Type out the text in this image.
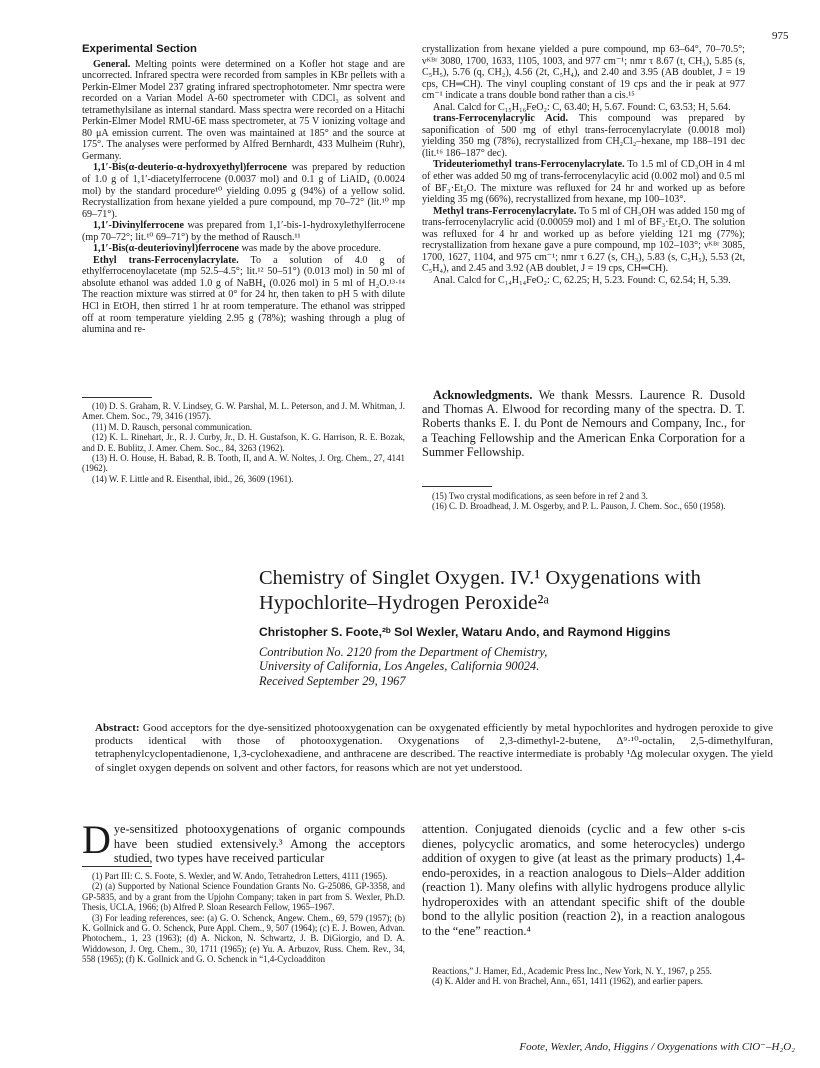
975

Experimental Section

General. Melting points were determined on a Kofler hot stage and are uncorrected. Infrared spectra were recorded from samples in KBr pellets with a Perkin-Elmer Model 237 grating infrared spectrophotometer. Nmr spectra were recorded on a Varian Model A-60 spectrometer with CDCl₃ as solvent and tetramethylsilane as internal standard. Mass spectra were recorded on a Hitachi Perkin-Elmer Model RMU-6E mass spectrometer, at 75 V ionizing voltage and 80 μA emission current. The oven was maintained at 185° and the source at 175°. The analyses were performed by Alfred Bernhardt, 433 Mulheim (Ruhr), Germany.

1,1′-Bis(α-deuterio-α-hydroxyethyl)ferrocene was prepared by reduction of 1.0 g of 1,1′-diacetylferrocene (0.0037 mol) and 0.1 g of LiAlD₄ (0.0024 mol) by the standard procedure¹⁰ yielding 0.095 g (94%) of a yellow solid. Recrystallization from hexane yielded a pure compound, mp 70–72° (lit.¹⁰ mp 69–71°).

1,1′-Divinylferrocene was prepared from 1,1′-bis-1-hydroxylethylferrocene (mp 70–72°; lit.¹⁰ 69–71°) by the method of Rausch.¹¹

1,1′-Bis(α-deuteriovinyl)ferrocene was made by the above procedure.

Ethyl trans-Ferrocenylacrylate. To a solution of 4.0 g of ethylferrocenoylacetate (mp 52.5–4.5°; lit.¹² 50–51°) (0.013 mol) in 50 ml of absolute ethanol was added 1.0 g of NaBH₄ (0.026 mol) in 5 ml of H₂O.¹³·¹⁴ The reaction mixture was stirred at 0° for 24 hr, then taken to pH 5 with dilute HCl in EtOH, then stirred 1 hr at room temperature. The ethanol was stripped off at room temperature yielding 2.95 g (78%); washing through a plug of alumina and re-

(10) D. S. Graham, R. V. Lindsey, G. W. Parshal, M. L. Peterson, and J. M. Whitman, J. Amer. Chem. Soc., 79, 3416 (1957).

(11) M. D. Rausch, personal communication.

(12) K. L. Rinehart, Jr., R. J. Curby, Jr., D. H. Gustafson, K. G. Harrison, R. E. Bozak, and D. E. Bublitz, J. Amer. Chem. Soc., 84, 3263 (1962).

(13) H. O. House, H. Babad, R. B. Tooth, II, and A. W. Noltes, J. Org. Chem., 27, 4141 (1962).

(14) W. F. Little and R. Eisenthal, ibid., 26, 3609 (1961).

crystallization from hexane yielded a pure compound, mp 63–64°, 70–70.5°; νᴷᴮʳ 3080, 1700, 1633, 1105, 1003, and 977 cm⁻¹; nmr τ 8.67 (t, CH₃), 5.85 (s, C₅H₅), 5.76 (q, CH₂), 4.56 (2t, C₅H₄), and 2.40 and 3.95 (AB doublet, J = 19 cps, CH═CH). The vinyl coupling constant of 19 cps and the ir peak at 977 cm⁻¹ indicate a trans double bond rather than a cis.¹⁵

Anal. Calcd for C₁₅H₁₆FeO₂: C, 63.40; H, 5.67. Found: C, 63.53; H, 5.64.

trans-Ferrocenylacrylic Acid. This compound was prepared by saponification of 500 mg of ethyl trans-ferrocenylacrylate (0.0018 mol) yielding 350 mg (78%), recrystallized from CH₂Cl₂–hexane, mp 188–191 dec (lit.¹⁶ 186–187° dec).

Trideuteriomethyl trans-Ferrocenylacrylate. To 1.5 ml of CD₃OH in 4 ml of ether was added 50 mg of trans-ferrocenylacylic acid (0.002 mol) and 0.5 ml of BF₃·Et₂O. The mixture was refluxed for 24 hr and worked up as before yielding 35 mg (66%), recrystallized from hexane, mp 100–103°.

Methyl trans-Ferrocenylacrylate. To 5 ml of CH₃OH was added 150 mg of trans-ferrocenylacrylic acid (0.00059 mol) and 1 ml of BF₃·Et₂O. The solution was refluxed for 4 hr and worked up as before yielding 121 mg (77%); recrystallization from hexane gave a pure compound, mp 102–103°; νᴷᴮʳ 3085, 1700, 1627, 1104, and 975 cm⁻¹; nmr τ 6.27 (s, CH₃), 5.83 (s, C₅H₅), 5.53 (2t, C₅H₄), and 2.45 and 3.92 (AB doublet, J = 19 cps, CH═CH).

Anal. Calcd for C₁₄H₁₄FeO₂: C, 62.25; H, 5.23. Found: C, 62.54; H, 5.39.

Acknowledgments. We thank Messrs. Laurence R. Dusold and Thomas A. Elwood for recording many of the spectra. D. T. Roberts thanks E. I. du Pont de Nemours and Company, Inc., for a Teaching Fellowship and the American Enka Corporation for a Summer Fellowship.

(15) Two crystal modifications, as seen before in ref 2 and 3.

(16) C. D. Broadhead, J. M. Osgerby, and P. L. Pauson, J. Chem. Soc., 650 (1958).

Chemistry of Singlet Oxygen. IV.¹ Oxygenations with
Hypochlorite–Hydrogen Peroxide²ᵃ
Christopher S. Foote,²ᵇ Sol Wexler, Wataru Ando, and Raymond Higgins
Contribution No. 2120 from the Department of Chemistry,
University of California, Los Angeles, California 90024.
Received September 29, 1967
Abstract: Good acceptors for the dye-sensitized photooxygenation can be oxygenated efficiently by metal hypochlorites and hydrogen peroxide to give products identical with those of photooxygenation. Oxygenations of 2,3-dimethyl-2-butene, Δ⁹·¹⁰-octalin, 2,5-dimethylfuran, tetraphenylcyclopentadienone, 1,3-cyclohexadiene, and anthracene are described. The reactive intermediate is probably ¹Δg molecular oxygen. The yield of singlet oxygen depends on solvent and other factors, for reasons which are not yet understood.
Dye-sensitized photooxygenations of organic compounds have been studied extensively.³ Among the acceptors studied, two types have received particular

(1) Part III: C. S. Foote, S. Wexler, and W. Ando, Tetrahedron Letters, 4111 (1965).

(2) (a) Supported by National Science Foundation Grants No. G-25086, GP-3358, and GP-5835, and by a grant from the Upjohn Company; taken in part from S. Wexler, Ph.D. Thesis, UCLA, 1966; (b) Alfred P. Sloan Research Fellow, 1965–1967.

(3) For leading references, see: (a) G. O. Schenck, Angew. Chem., 69, 579 (1957); (b) K. Gollnick and G. O. Schenck, Pure Appl. Chem., 9, 507 (1964); (c) E. J. Bowen, Advan. Photochem., 1, 23 (1963); (d) A. Nickon, N. Schwartz, J. B. DiGiorgio, and D. A. Widdowson, J. Org. Chem., 30, 1711 (1965); (e) Yu. A. Arbuzov, Russ. Chem. Rev., 34, 558 (1965); (f) K. Gollnick and G. O. Schenck in “1,4-Cycloadditon

attention. Conjugated dienoids (cyclic and a few other s-cis dienes, polycyclic aromatics, and some heterocycles) undergo addition of oxygen to give (at least as the primary products) 1,4-endo-peroxides, in a reaction analogous to Diels–Alder addition (reaction 1). Many olefins with allylic hydrogens produce allylic hydroperoxides with an attendant specific shift of the double bond to the allylic position (reaction 2), in a reaction analogous to the “ene” reaction.⁴

Reactions,” J. Hamer, Ed., Academic Press Inc., New York, N. Y., 1967, p 255.

(4) K. Alder and H. von Brachel, Ann., 651, 1411 (1962), and earlier papers.

Foote, Wexler, Ando, Higgins / Oxygenations with ClO⁻–H₂O₂
